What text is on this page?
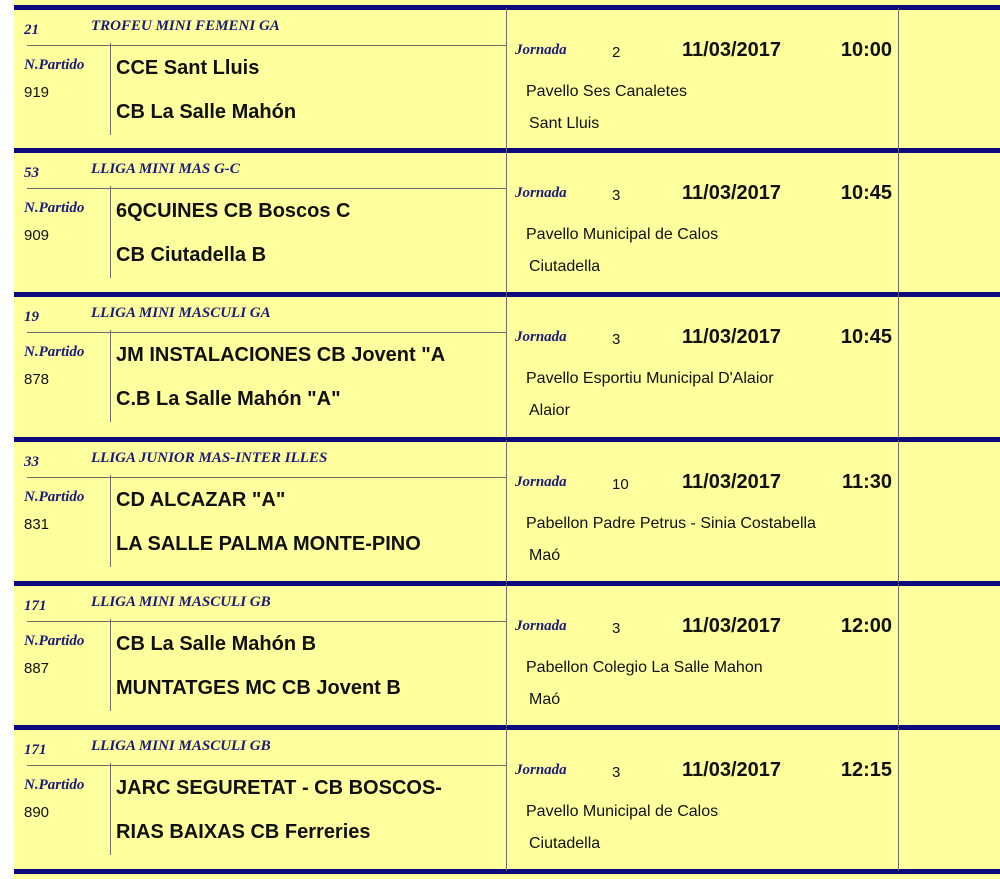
21	TROFEU MINI FEMENI GA
N.Partido
919
CCE Sant Lluis
CB La Salle Mahón
Jornada	2	11/03/2017	10:00
Pavello Ses Canaletes
Sant Lluis
53	LLIGA MINI MAS G-C
N.Partido
909
6QCUINES CB Boscos C
CB Ciutadella B
Jornada	3	11/03/2017	10:45
Pavello Municipal de Calos
Ciutadella
19	LLIGA MINI MASCULI GA
N.Partido
878
JM INSTALACIONES CB Jovent "A
C.B La Salle Mahón "A"
Jornada	3	11/03/2017	10:45
Pavello Esportiu Municipal D'Alaior
Alaior
33	LLIGA JUNIOR MAS-INTER ILLES
N.Partido
831
CD ALCAZAR "A"
LA SALLE PALMA MONTE-PINO
Jornada	10	11/03/2017	11:30
Pabellon Padre Petrus - Sinia Costabella
Maó
171	LLIGA MINI MASCULI GB
N.Partido
887
CB La Salle Mahón B
MUNTATGES MC CB Jovent B
Jornada	3	11/03/2017	12:00
Pabellon Colegio La Salle Mahon
Maó
171	LLIGA MINI MASCULI GB
N.Partido
890
JARC SEGURETAT - CB BOSCOS-
RIAS BAIXAS CB Ferreries
Jornada	3	11/03/2017	12:15
Pavello Municipal de Calos
Ciutadella
